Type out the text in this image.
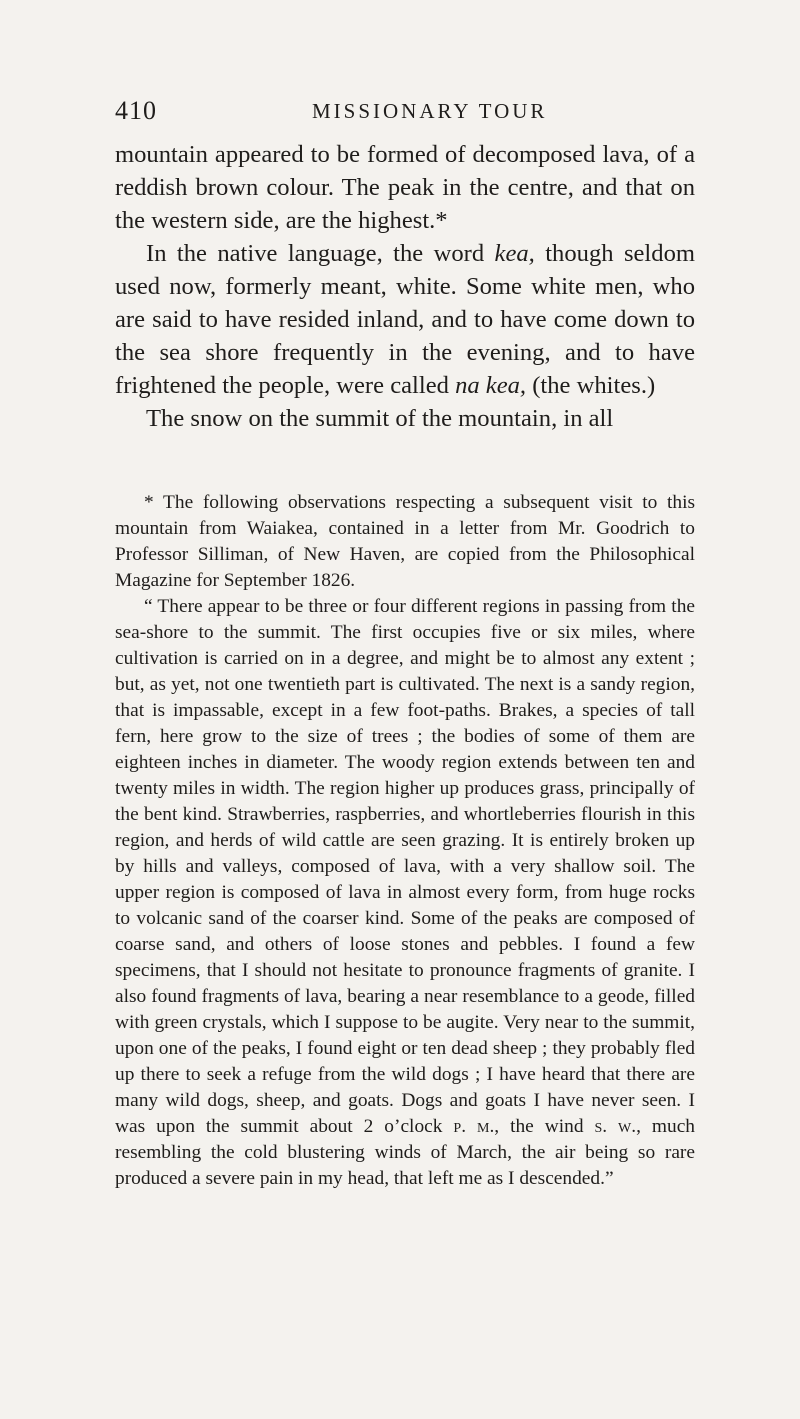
410	MISSIONARY TOUR

mountain appeared to be formed of decomposed lava, of a reddish brown colour. The peak in the centre, and that on the western side, are the highest.*

In the native language, the word kea, though seldom used now, formerly meant, white. Some white men, who are said to have resided inland, and to have come down to the sea shore frequently in the evening, and to have frightened the people, were called na kea, (the whites.)

The snow on the summit of the mountain, in all

* The following observations respecting a subsequent visit to this mountain from Waiakea, contained in a letter from Mr. Goodrich to Professor Silliman, of New Haven, are copied from the Philosophical Magazine for September 1826.

“ There appear to be three or four different regions in passing from the sea-shore to the summit. The first occupies five or six miles, where cultivation is carried on in a degree, and might be to almost any extent ; but, as yet, not one twentieth part is cultivated. The next is a sandy region, that is impassable, except in a few foot-paths. Brakes, a species of tall fern, here grow to the size of trees ; the bodies of some of them are eighteen inches in diameter. The woody region extends between ten and twenty miles in width. The region higher up produces grass, principally of the bent kind. Strawberries, raspberries, and whortleberries flourish in this region, and herds of wild cattle are seen grazing. It is entirely broken up by hills and valleys, composed of lava, with a very shallow soil. The upper region is composed of lava in almost every form, from huge rocks to volcanic sand of the coarser kind. Some of the peaks are composed of coarse sand, and others of loose stones and pebbles. I found a few specimens, that I should not hesitate to pronounce fragments of granite. I also found fragments of lava, bearing a near resemblance to a geode, filled with green crystals, which I suppose to be augite. Very near to the summit, upon one of the peaks, I found eight or ten dead sheep ; they probably fled up there to seek a refuge from the wild dogs ; I have heard that there are many wild dogs, sheep, and goats. Dogs and goats I have never seen. I was upon the summit about 2 o’clock p. m., the wind s. w., much resembling the cold blustering winds of March, the air being so rare produced a severe pain in my head, that left me as I descended.”
